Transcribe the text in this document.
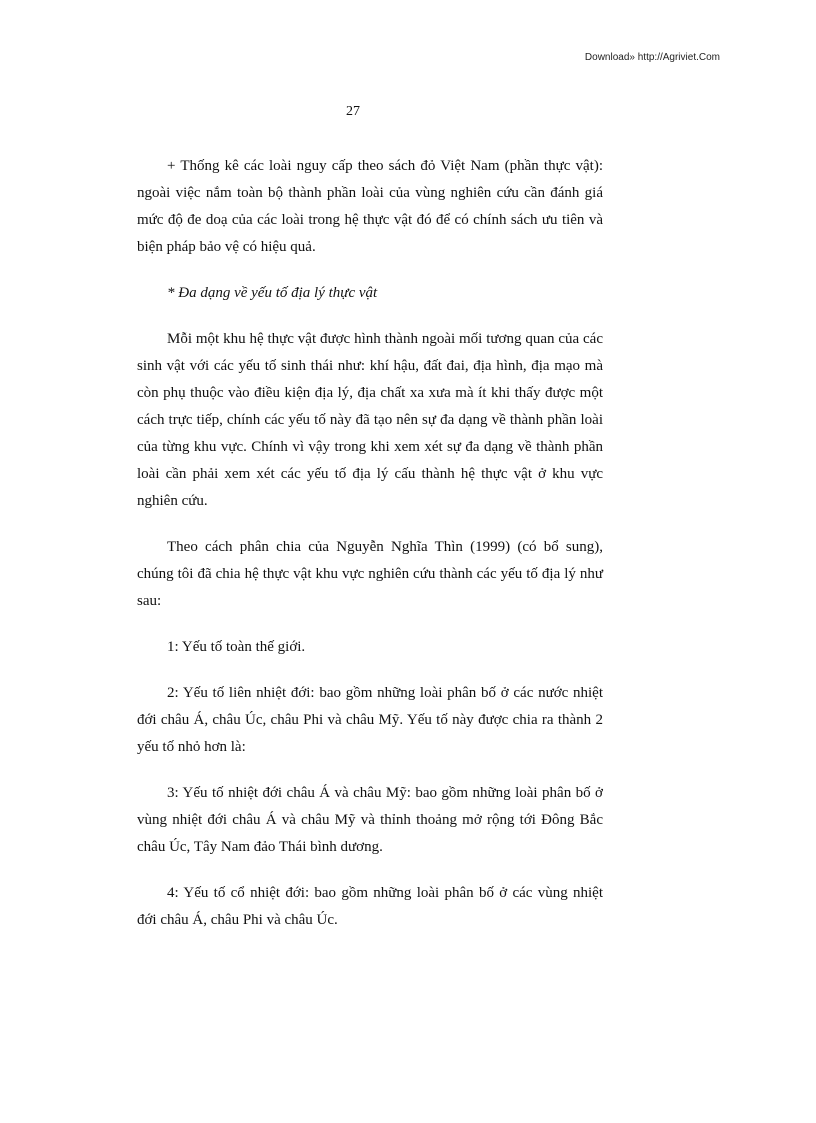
Download» http://Agriviet.Com
27

+ Thống kê các loài nguy cấp theo sách đỏ Việt Nam (phần thực vật): ngoài việc nắm toàn bộ thành phần loài của vùng nghiên cứu cần đánh giá mức độ đe doạ của các loài trong hệ thực vật đó để có chính sách ưu tiên và biện pháp bảo vệ có hiệu quả.

* Đa dạng về yếu tố địa lý thực vật

Mỗi một khu hệ thực vật được hình thành ngoài mối tương quan của các sinh vật với các yếu tố sinh thái như: khí hậu, đất đai, địa hình, địa mạo mà còn phụ thuộc vào điều kiện địa lý, địa chất xa xưa mà ít khi thấy được một cách trực tiếp, chính các yếu tố này đã tạo nên sự đa dạng về thành phần loài của từng khu vực. Chính vì vậy trong khi xem xét sự đa dạng về thành phần loài cần phải xem xét các yếu tố địa lý cấu thành hệ thực vật ở khu vực nghiên cứu.

Theo cách phân chia của Nguyễn Nghĩa Thìn (1999) (có bổ sung), chúng tôi đã chia hệ thực vật khu vực nghiên cứu thành các yếu tố địa lý như sau:

1: Yếu tố toàn thế giới.

2: Yếu tố liên nhiệt đới: bao gồm những loài phân bố ở các nước nhiệt đới châu Á, châu Úc, châu Phi và châu Mỹ. Yếu tố này được chia ra thành 2 yếu tố nhỏ hơn là:

3: Yếu tố nhiệt đới châu Á và châu Mỹ: bao gồm những loài phân bố ở vùng nhiệt đới châu Á và châu Mỹ và thỉnh thoảng mở rộng tới Đông Bắc châu Úc, Tây Nam đảo Thái bình dương.

4: Yếu tố cổ nhiệt đới: bao gồm những loài phân bố ở các vùng nhiệt đới châu Á, châu Phi và châu Úc.
